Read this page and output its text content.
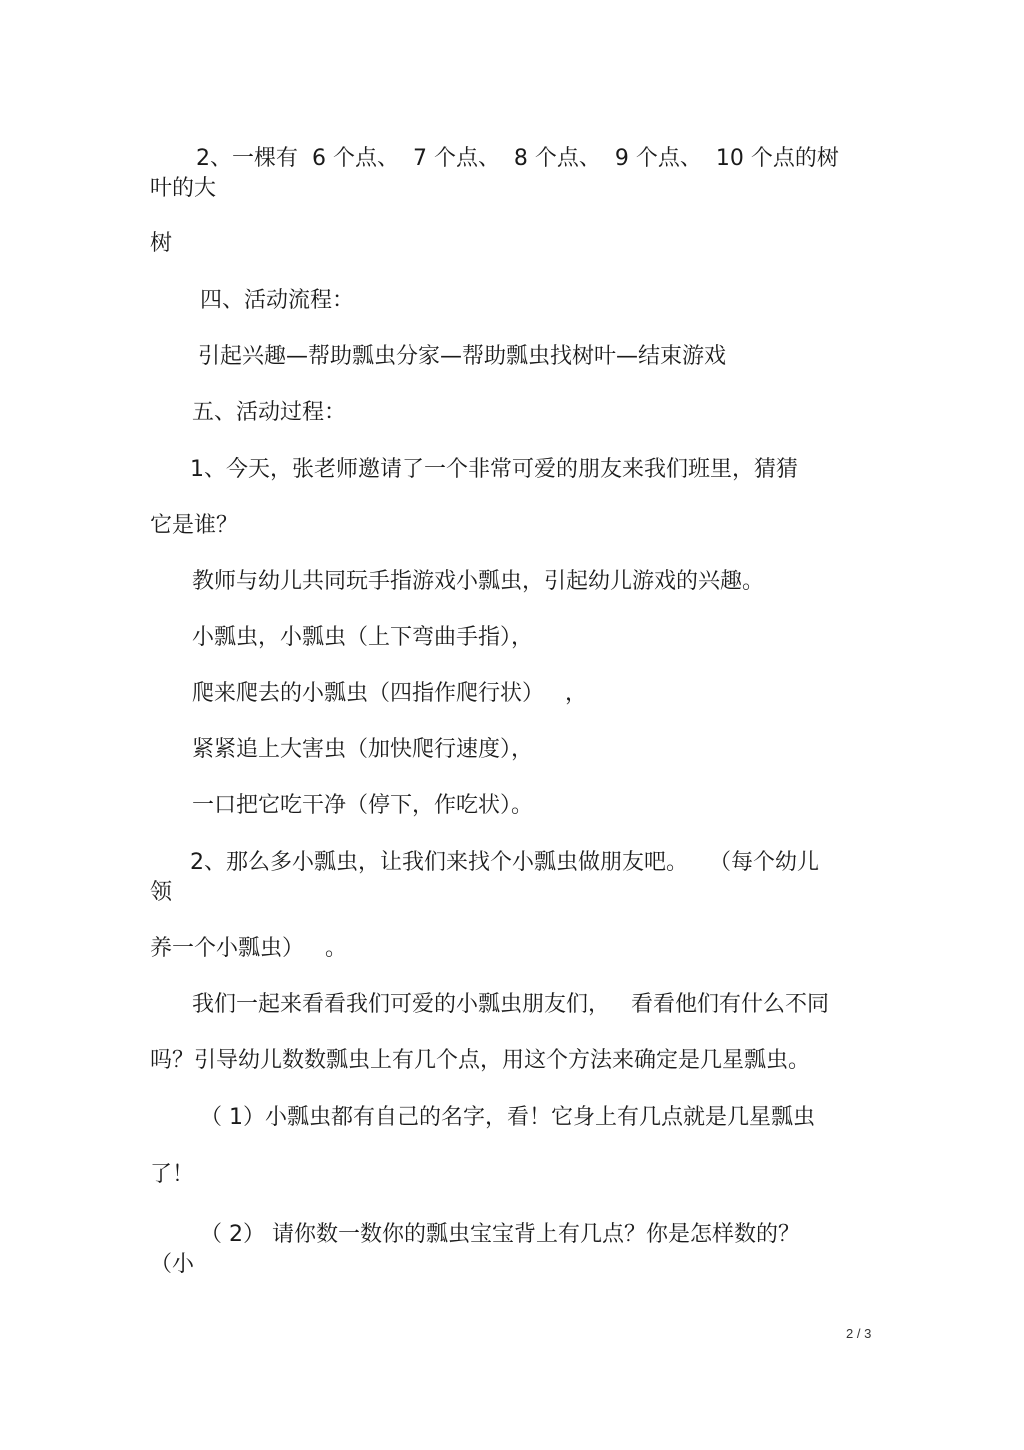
2、一棵有  6 个点、  7 个点、  8 个点、  9 个点、  10 个点的树

叶的大

树

四、活动流程：

引起兴趣—帮助瓢虫分家—帮助瓢虫找树叶—结束游戏

五、活动过程：

1、今天，张老师邀请了一个非常可爱的朋友来我们班里，猜猜

它是谁？

教师与幼儿共同玩手指游戏小瓢虫，引起幼儿游戏的兴趣。

小瓢虫，小瓢虫（上下弯曲手指），

爬来爬去的小瓢虫（四指作爬行状）   ，

紧紧追上大害虫（加快爬行速度），

一口把它吃干净（停下，作吃状）。

2、那么多小瓢虫，让我们来找个小瓢虫做朋友吧。   （每个幼儿

领

养一个小瓢虫）   。

我们一起来看看我们可爱的小瓢虫朋友们，   看看他们有什么不同

吗？引导幼儿数数瓢虫上有几个点，用这个方法来确定是几星瓢虫。

（ 1）小瓢虫都有自己的名字，看！它身上有几点就是几星瓢虫

了！

（ 2） 请你数一数你的瓢虫宝宝背上有几点？你是怎样数的？

（小

2 / 3
